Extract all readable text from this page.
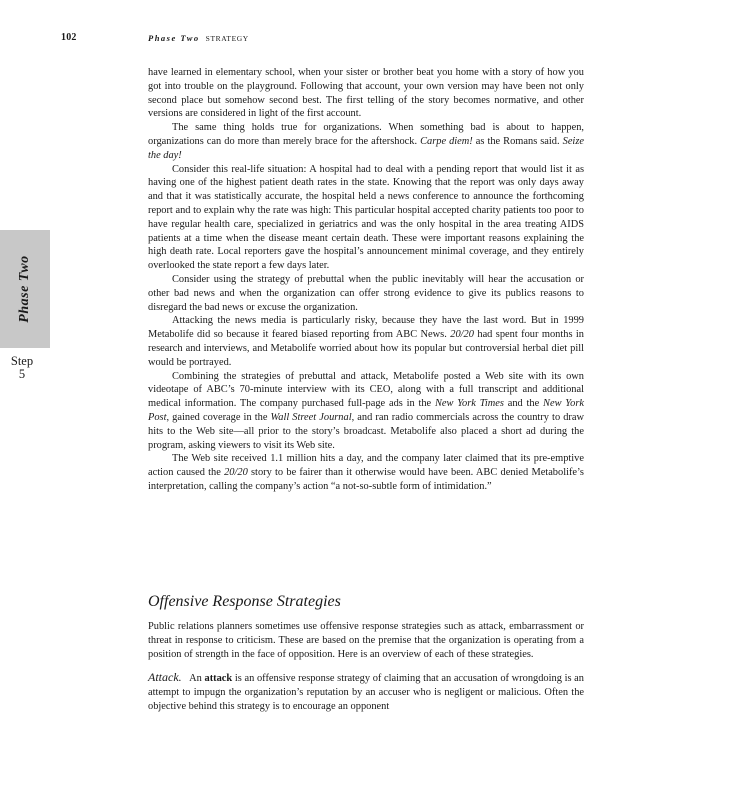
102	Phase Two STRATEGY
Phase Two
Step
5

have learned in elementary school, when your sister or brother beat you home with a story of how you got into trouble on the playground. Following that account, your own version may have been not only second place but somehow second best. The first telling of the story becomes normative, and other versions are considered in light of the first account.

The same thing holds true for organizations. When something bad is about to happen, organizations can do more than merely brace for the aftershock. Carpe diem! as the Romans said. Seize the day!

Consider this real-life situation: A hospital had to deal with a pending report that would list it as having one of the highest patient death rates in the state. Knowing that the report was only days away and that it was statistically accurate, the hospital held a news conference to announce the forthcoming report and to explain why the rate was high: This particular hospital accepted charity patients too poor to have regular health care, specialized in geriatrics and was the only hospital in the area treating AIDS patients at a time when the disease meant certain death. These were important reasons explaining the high death rate. Local reporters gave the hospital’s announcement minimal coverage, and they entirely overlooked the state report a few days later.

Consider using the strategy of prebuttal when the public inevitably will hear the accusation or other bad news and when the organization can offer strong evidence to give its publics reasons to disregard the bad news or excuse the organization.

Attacking the news media is particularly risky, because they have the last word. But in 1999 Metabolife did so because it feared biased reporting from ABC News. 20/20 had spent four months in research and interviews, and Metabolife worried about how its popular but controversial herbal diet pill would be portrayed.

Combining the strategies of prebuttal and attack, Metabolife posted a Web site with its own videotape of ABC’s 70-minute interview with its CEO, along with a full transcript and additional medical information. The company purchased full-page ads in the New York Times and the New York Post, gained coverage in the Wall Street Journal, and ran radio commercials across the country to draw hits to the Web site—all prior to the story’s broadcast. Metabolife also placed a short ad during the program, asking viewers to visit its Web site.

The Web site received 1.1 million hits a day, and the company later claimed that its pre-emptive action caused the 20/20 story to be fairer than it otherwise would have been. ABC denied Metabolife’s interpretation, calling the company’s action “a not-so-subtle form of intimidation.”

Offensive Response Strategies

Public relations planners sometimes use offensive response strategies such as attack, embarrassment or threat in response to criticism. These are based on the premise that the organization is operating from a position of strength in the face of opposition. Here is an overview of each of these strategies.

Attack. An attack is an offensive response strategy of claiming that an accusation of wrongdoing is an attempt to impugn the organization’s reputation by an accuser who is negligent or malicious. Often the objective behind this strategy is to encourage an opponent
